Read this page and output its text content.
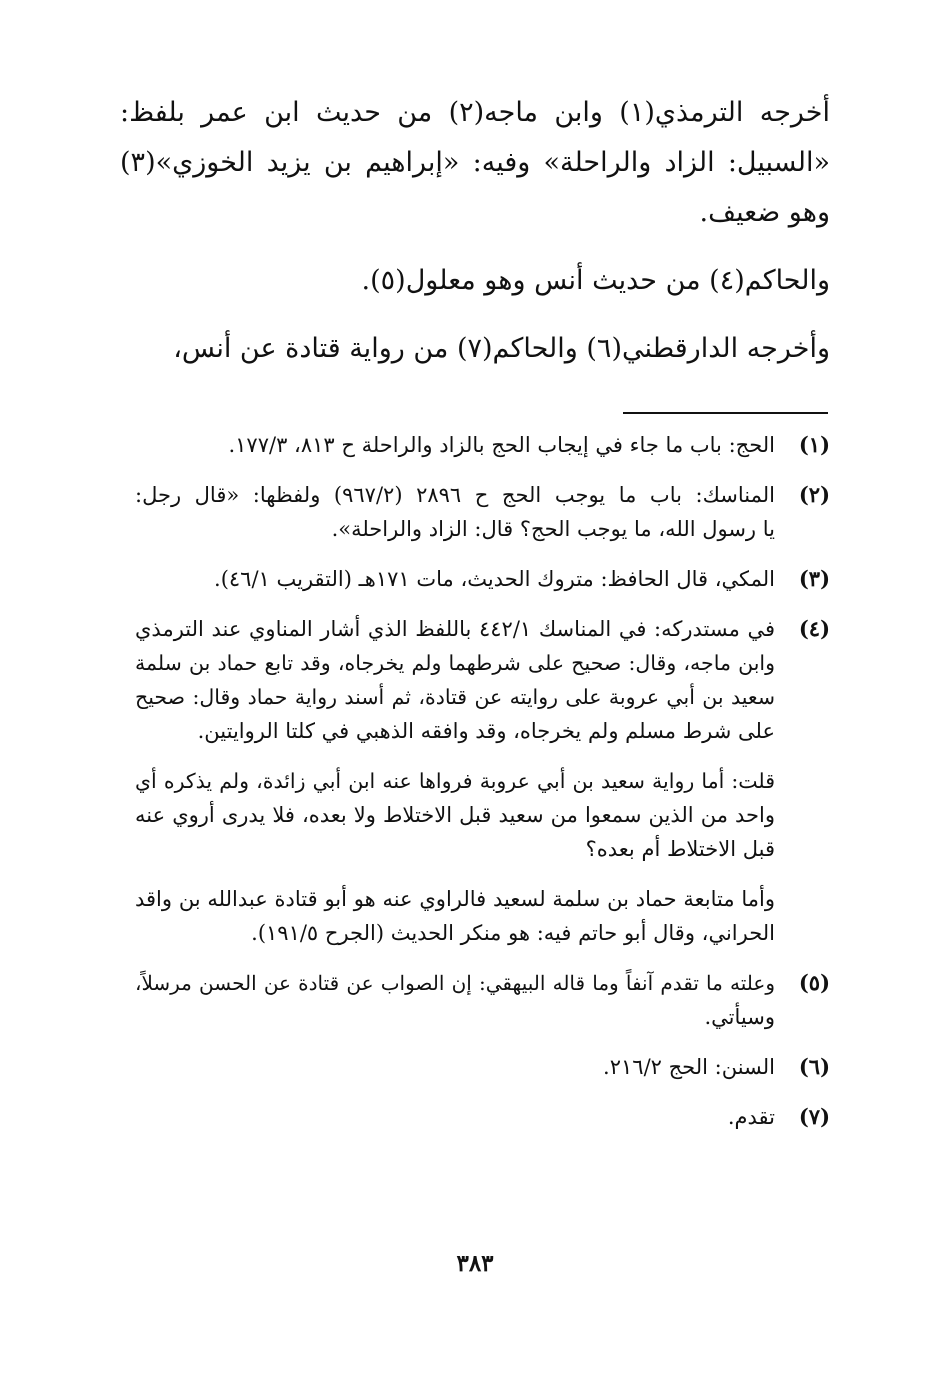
أخرجه الترمذي(١) وابن ماجه(٢) من حديث ابن عمر بلفظ:
«السبيل: الزاد والراحلة» وفيه: «إبراهيم بن يزيد الخوزي»(٣)
وهو ضعيف.
والحاكم(٤) من حديث أنس وهو معلول(٥).
وأخرجه الدارقطني(٦) والحاكم(٧) من رواية قتادة عن أنس،
(١)
الحج: باب ما جاء في إيجاب الحج بالزاد والراحلة ح ٨١٣، ١٧٧/٣.
(٢)
المناسك: باب ما يوجب الحج ح ٢٨٩٦ (٩٦٧/٢) ولفظها: «قال رجل:
يا رسول الله، ما يوجب الحج؟ قال: الزاد والراحلة».
(٣)
المكي، قال الحافظ: متروك الحديث، مات ١٧١هـ (التقريب ٤٦/١).
(٤)
في مستدركه: في المناسك ٤٤٢/١ باللفظ الذي أشار المناوي عند الترمذي
وابن ماجه، وقال: صحيح على شرطهما ولم يخرجاه، وقد تابع حماد بن سلمة
سعيد بن أبي عروبة على روايته عن قتادة، ثم أسند رواية حماد وقال: صحيح
على شرط مسلم ولم يخرجاه، وقد وافقه الذهبي في كلتا الروايتين.
قلت: أما رواية سعيد بن أبي عروبة فرواها عنه ابن أبي زائدة، ولم يذكره أي
واحد من الذين سمعوا من سعيد قبل الاختلاط ولا بعده، فلا يدرى أروي عنه
قبل الاختلاط أم بعده؟
وأما متابعة حماد بن سلمة لسعيد فالراوي عنه هو أبو قتادة عبدالله بن واقد
الحراني، وقال أبو حاتم فيه: هو منكر الحديث (الجرح ١٩١/٥).
(٥)
وعلته ما تقدم آنفاً وما قاله البيهقي: إن الصواب عن قتادة عن الحسن مرسلاً،
وسيأتي.
(٦)
السنن: الحج ٢١٦/٢.
(٧)
تقدم.
٣٨٣
